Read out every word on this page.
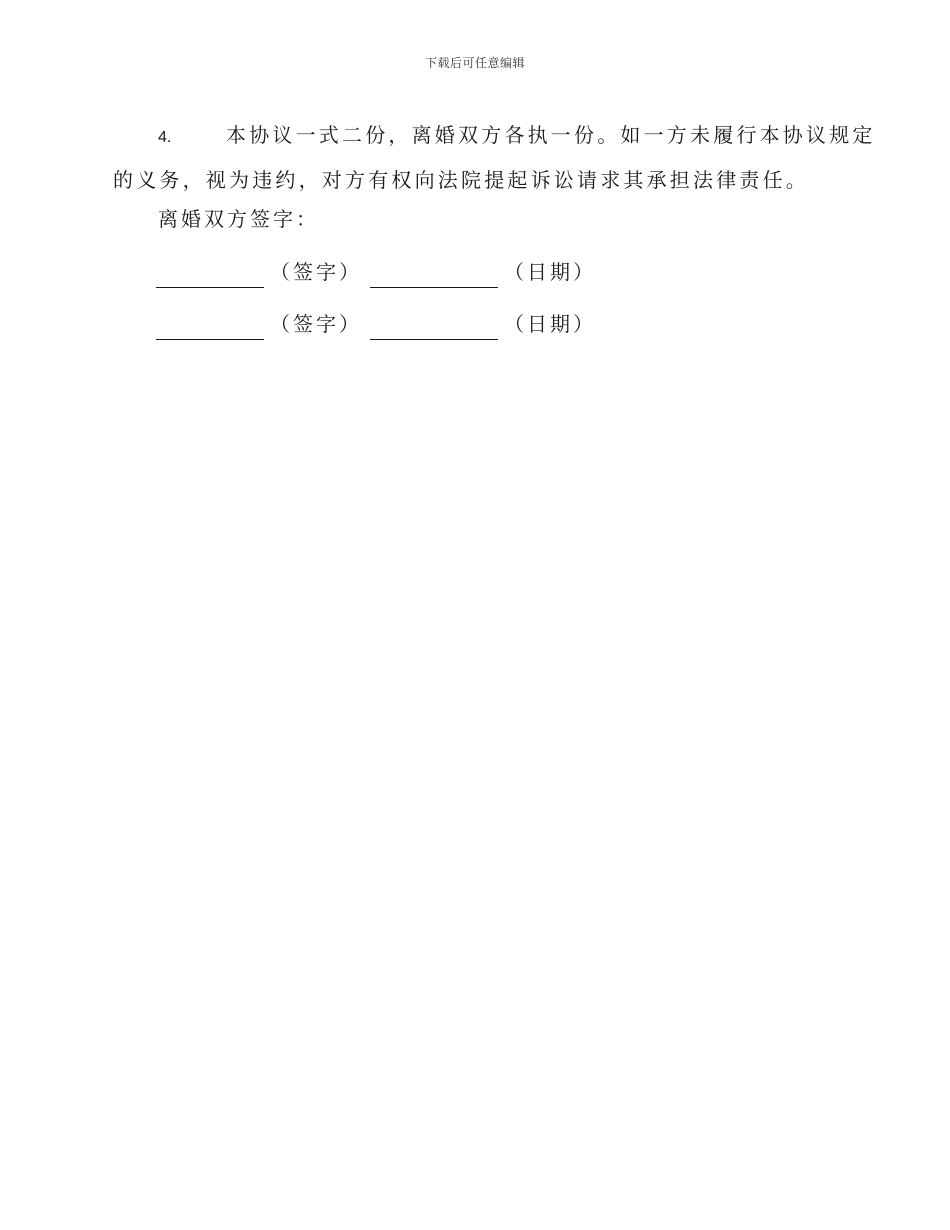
下载后可任意编辑
4.	本协议一式二份，离婚双方各执一份。如一方未履行本协议规定
的义务，视为违约，对方有权向法院提起诉讼请求其承担法律责任。
离婚双方签字：
（签字）	（日期）
（签字）	（日期）
